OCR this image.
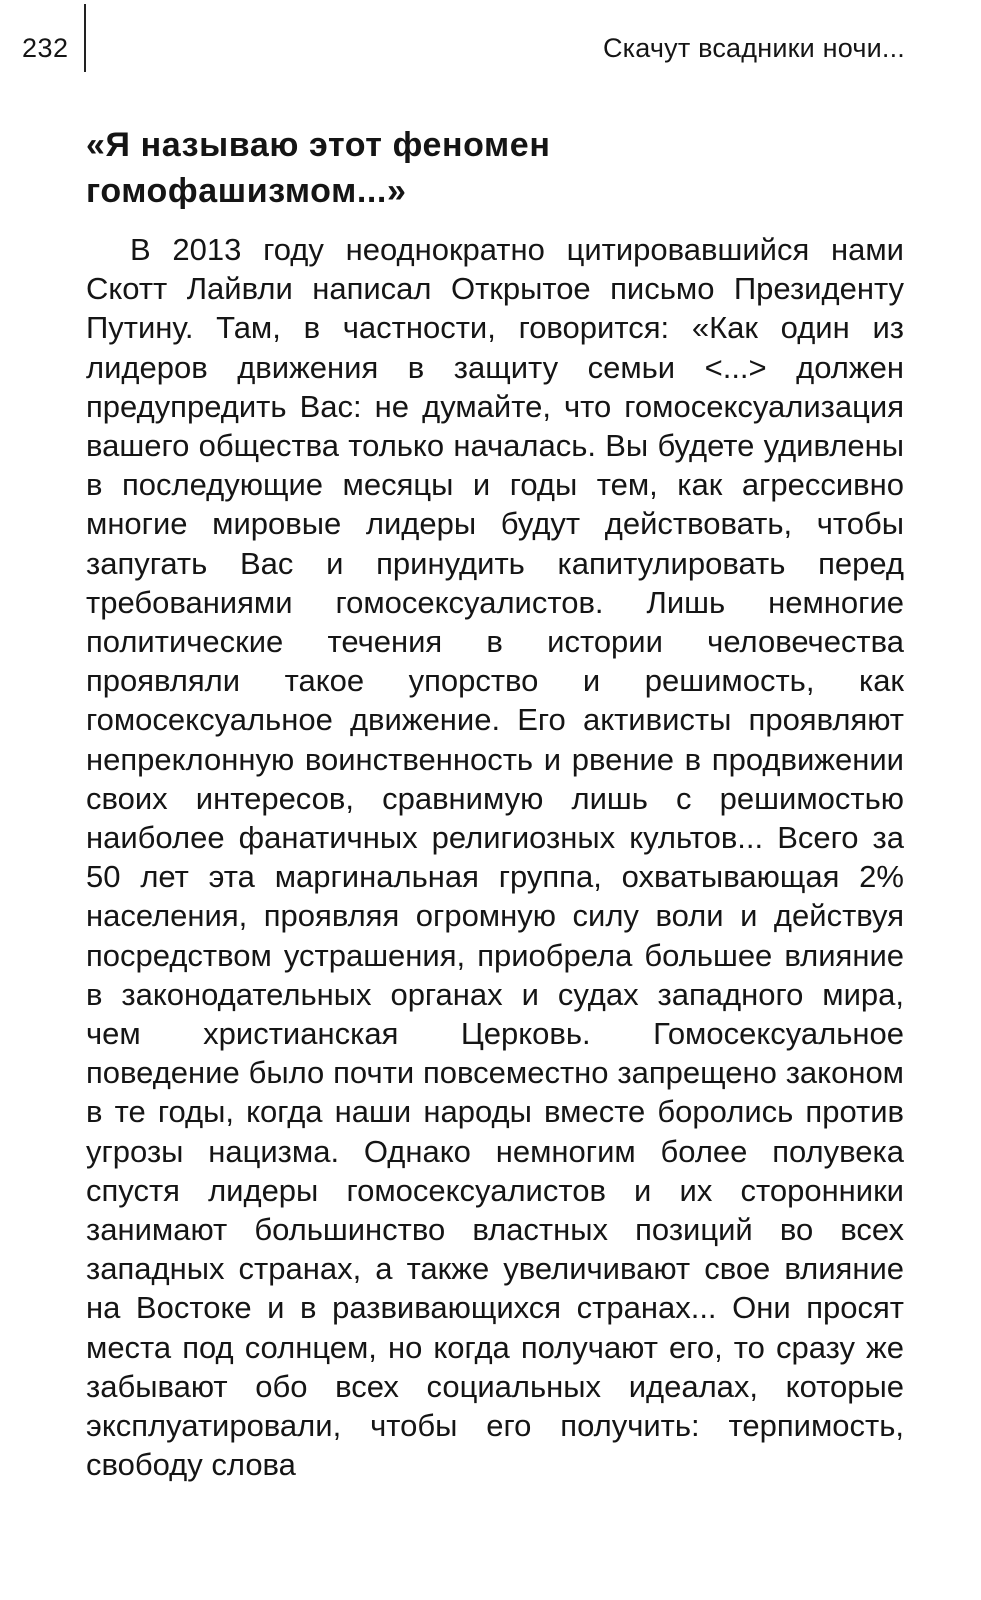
232	Скачут всадники ночи...
«Я называю этот феномен гомофашизмом...»

В 2013 году неоднократно цитировавшийся нами Скотт Лайвли написал Открытое письмо Президенту Путину. Там, в частности, говорится: «Как один из лидеров движения в защиту семьи <...> должен предупредить Вас: не думайте, что гомосексуализация вашего общества только началась. Вы будете удивлены в последующие месяцы и годы тем, как агрессивно многие мировые лидеры будут действовать, чтобы запугать Вас и принудить капитулировать перед требованиями гомосексуалистов. Лишь немногие политические течения в истории человечества проявляли такое упорство и решимость, как гомосексуальное движение. Его активисты проявляют непреклонную воинственность и рвение в продвижении своих интересов, сравнимую лишь с решимостью наиболее фанатичных религиозных культов... Всего за 50 лет эта маргинальная группа, охватывающая 2% населения, проявляя огромную силу воли и действуя посредством устрашения, приобрела большее влияние в законодательных органах и судах западного мира, чем христианская Церковь. Гомосексуальное поведение было почти повсеместно запрещено законом в те годы, когда наши народы вместе боролись против угрозы нацизма. Однако немногим более полувека спустя лидеры гомосексуалистов и их сторонники занимают большинство властных позиций во всех западных странах, а также увеличивают свое влияние на Востоке и в развивающихся странах... Они просят места под солнцем, но когда получают его, то сразу же забывают обо всех социальных идеалах, которые эксплуатировали, чтобы его получить: терпимость, свободу слова
